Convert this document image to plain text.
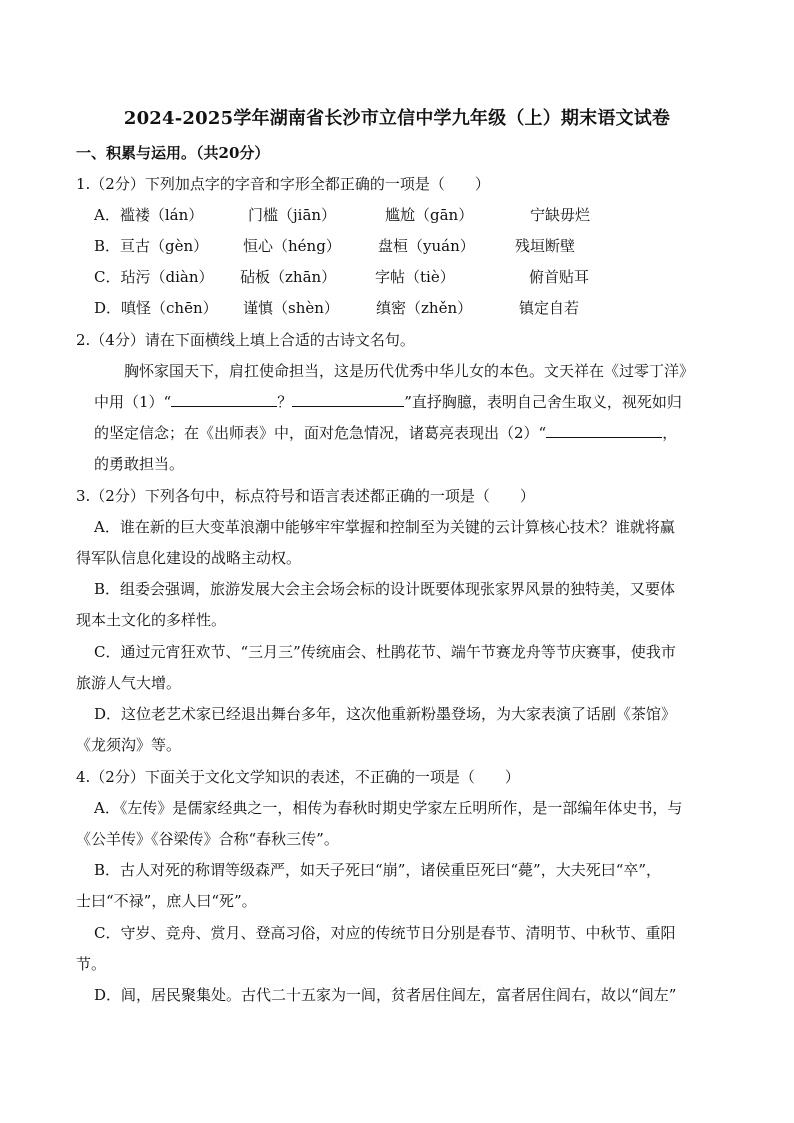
2024-2025学年湖南省长沙市立信中学九年级（上）期末语文试卷
一、积累与运用。（共20分）
1.（2分）下列加点字的字音和字形全都正确的一项是（　　）
A．褴褛（lán）	门槛（jiān）	尴尬（gān）	宁缺毋烂
B．亘古（gèn） 恒心（héng） 盘桓（yuán）	残垣断壁
C．玷污（diàn） 砧板（zhān）	字帖（tiè）	俯首贴耳
D．嗔怪（chēn） 谨慎（shèn） 缜密（zhěn）	镇定自若
2.（4分）请在下面横线上填上合适的古诗文名句。
胸怀家国天下，肩扛使命担当，这是历代优秀中华儿女的本色。文天祥在《过零丁洋》
中用（1）“	？	”直抒胸臆，表明自己舍生取义，视死如归
的坚定信念；在《出师表》中，面对危急情况，诸葛亮表现出（2）“	，
的勇敢担当。
3.（2分）下列各句中，标点符号和语言表述都正确的一项是（　　）
A．谁在新的巨大变革浪潮中能够牢牢掌握和控制至为关键的云计算核心技术？谁就将赢
得军队信息化建设的战略主动权。
B．组委会强调，旅游发展大会主会场会标的设计既要体现张家界风景的独特美，又要体
现本土文化的多样性。
C．通过元宵狂欢节、“三月三”传统庙会、杜鹃花节、端午节赛龙舟等节庆赛事，使我市
旅游人气大增。
D．这位老艺术家已经退出舞台多年，这次他重新粉墨登场，为大家表演了话剧《茶馆》
《龙须沟》等。
4.（2分）下面关于文化文学知识的表述，不正确的一项是（　　）
A．《左传》是儒家经典之一，相传为春秋时期史学家左丘明所作，是一部编年体史书，与
《公羊传》《谷梁传》合称“春秋三传”。
B．古人对死的称谓等级森严，如天子死曰“崩”，诸侯重臣死曰“薨”，大夫死曰“卒”，
士曰“不禄”，庶人曰“死”。
C．守岁、竞舟、赏月、登高习俗，对应的传统节日分别是春节、清明节、中秋节、重阳
节。
D．闾，居民聚集处。古代二十五家为一闾，贫者居住闾左，富者居住闾右，故以“闾左”
